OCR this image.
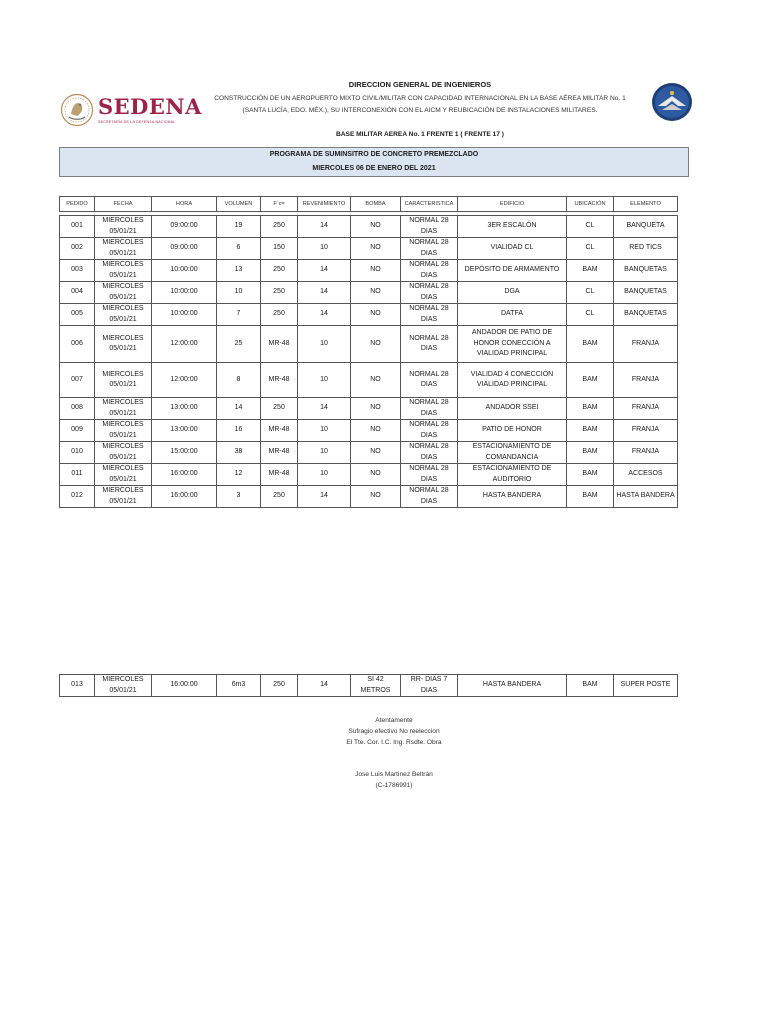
SEDENA
SECRETARÍA DE LA DEFENSA NACIONAL
DIRECCION GENERAL DE INGENIEROS
CONSTRUCCIÓN DE UN AEROPUERTO MIXTO CIVIL/MILITAR CON CAPACIDAD INTERNACIONAL EN LA BASE AÉREA MILITAR No. 1 (SANTA LUCÍA, EDO. MÉX.), SU INTERCONEXIÓN CON EL AICM Y REUBICACIÓN DE INSTALACIONES MILITARES.
BASE MILITAR AEREA No. 1 FRENTE 1 ( FRENTE 17 )
PROGRAMA DE SUMINSITRO DE CONCRETO PREMEZCLADO
MIERCOLES 06 DE ENERO DEL 2021
PEDIDO	FECHA	HORA	VOLUMEN	F´c=	REVENIMIENTO	BOMBA	CARACTERISTICA	EDIFICIO	UBICACIÓN	ELEMENTO
001	MIERCOLES 05/01/21	09:00:00	19	250	14	NO	NORMAL 28 DIAS	3ER ESCALÓN	CL	BANQUETA
002	MIERCOLES 05/01/21	09:00:00	6	150	10	NO	NORMAL 28 DIAS	VIALIDAD CL	CL	RED TICS
003	MIERCOLES 05/01/21	10:00:00	13	250	14	NO	NORMAL 28 DIAS	DEPÓSITO DE ARMAMENTO	BAM	BANQUETAS
004	MIERCOLES 05/01/21	10:00:00	10	250	14	NO	NORMAL 28 DIAS	DGA	CL	BANQUETAS
005	MIERCOLES 05/01/21	10:00:00	7	250	14	NO	NORMAL 28 DIAS	DATFA	CL	BANQUETAS
006	MIERCOLES 05/01/21	12:00:00	25	MR-48	10	NO	NORMAL 28 DIAS	ANDADOR DE PATIO DE HONOR CONECCIÓN A VIALIDAD PRINCIPAL	BAM	FRANJA
007	MIERCOLES 05/01/21	12:00:00	8	MR-48	10	NO	NORMAL 28 DIAS	VIALIDAD 4 CONECCIÓN VIALIDAD PRINCIPAL	BAM	FRANJA
008	MIERCOLES 05/01/21	13:00:00	14	250	14	NO	NORMAL 28 DIAS	ANDADOR SSEI	BAM	FRANJA
009	MIERCOLES 05/01/21	13:00:00	16	MR-48	10	NO	NORMAL 28 DIAS	PATIO DE HONOR	BAM	FRANJA
010	MIERCOLES 05/01/21	15:00:00	38	MR-48	10	NO	NORMAL 28 DIAS	ESTACIONAMIENTO DE COMANDANCIA	BAM	FRANJA
011	MIERCOLES 05/01/21	16:00:00	12	MR-48	10	NO	NORMAL 28 DIAS	ESTACIONAMIENTO DE AUDITORIO	BAM	ACCESOS
012	MIERCOLES 05/01/21	16:00:00	3	250	14	NO	NORMAL 28 DIAS	HASTA BANDERA	BAM	HASTA BANDERA
013	MIERCOLES 05/01/21	16:00:00	6m3	250	14	SI 42 METROS	RR- DIAS 7 DIAS	HASTA BANDERA	BAM	SUPER POSTE
Atentamente
Sufragio efectivo No reeleccion
El Tte. Cor. I.C. Ing. Rsdte. Obra
Jose Luis Martinez Beltrán
(C-1786991)
